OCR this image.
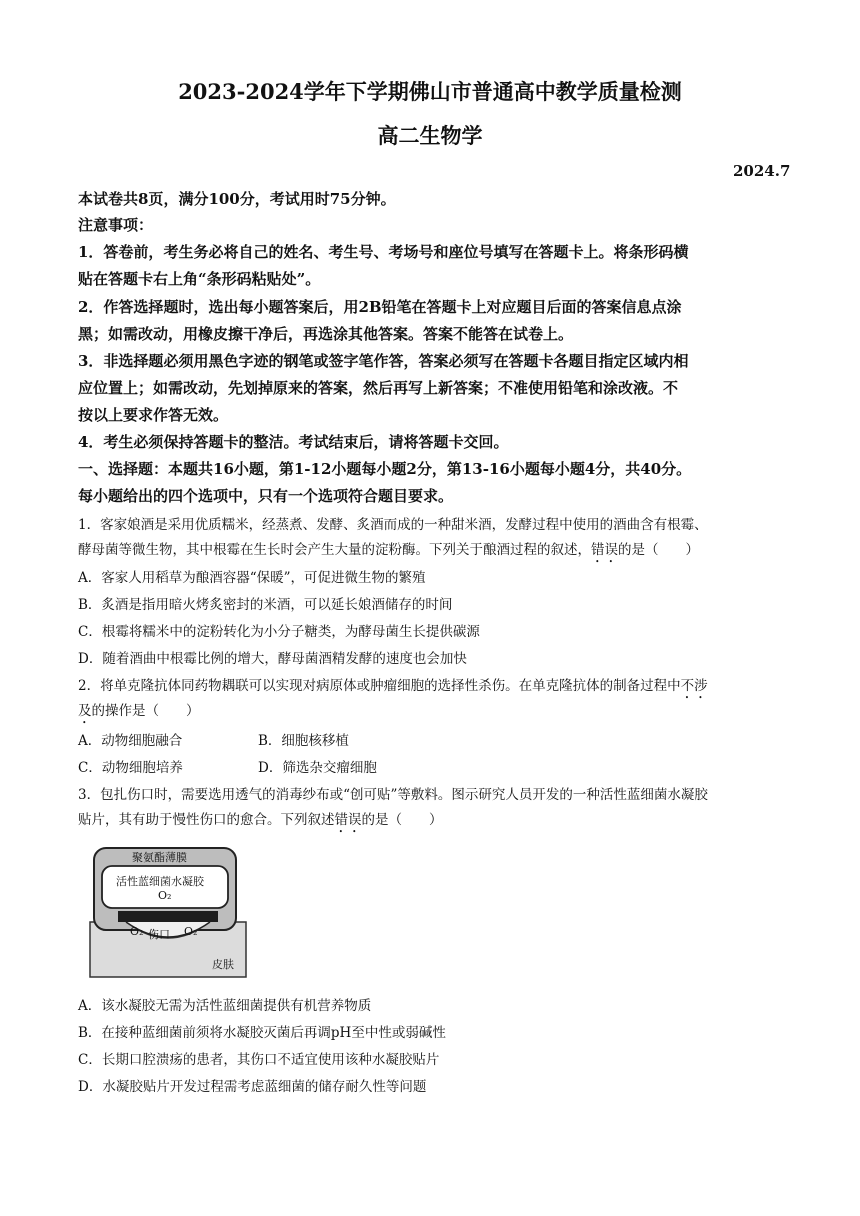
2023-2024学年下学期佛山市普通高中教学质量检测
高二生物学
2024.7
本试卷共8页，满分100分，考试用时75分钟。
注意事项：
1．答卷前，考生务必将自己的姓名、考生号、考场号和座位号填写在答题卡上。将条形码横
贴在答题卡右上角“条形码粘贴处”。
2．作答选择题时，选出每小题答案后，用2B铅笔在答题卡上对应题目后面的答案信息点涂
黑；如需改动，用橡皮擦干净后，再选涂其他答案。答案不能答在试卷上。
3．非选择题必须用黑色字迹的钢笔或签字笔作答，答案必须写在答题卡各题目指定区域内相
应位置上；如需改动，先划掉原来的答案，然后再写上新答案；不准使用铅笔和涂改液。不
按以上要求作答无效。
4．考生必须保持答题卡的整洁。考试结束后，请将答题卡交回。
一、选择题：本题共16小题，第1-12小题每小题2分，第13-16小题每小题4分，共40分。
每小题给出的四个选项中，只有一个选项符合题目要求。
1．客家娘酒是采用优质糯米，经蒸煮、发酵、炙酒而成的一种甜米酒，发酵过程中使用的酒曲含有根霉、
酵母菌等微生物，其中根霉在生长时会产生大量的淀粉酶。下列关于酿酒过程的叙述，错误的是（　　）
A．客家人用稻草为酿酒容器“保暖”，可促进微生物的繁殖
B．炙酒是指用暗火烤炙密封的米酒，可以延长娘酒储存的时间
C．根霉将糯米中的淀粉转化为小分子糖类，为酵母菌生长提供碳源
D．随着酒曲中根霉比例的增大，酵母菌酒精发酵的速度也会加快
2．将单克隆抗体同药物耦联可以实现对病原体或肿瘤细胞的选择性杀伤。在单克隆抗体的制备过程中不涉
及的操作是（　　）
A．动物细胞融合	B．细胞核移植
C．动物细胞培养	D．筛选杂交瘤细胞
3．包扎伤口时，需要选用透气的消毒纱布或“创可贴”等敷料。图示研究人员开发的一种活性蓝细菌水凝胶
贴片，其有助于慢性伤口的愈合。下列叙述错误的是（　　）
聚氨酯薄膜
活性蓝细菌水凝胶
O₂
O₂ 伤口 O₂
皮肤
A．该水凝胶无需为活性蓝细菌提供有机营养物质
B．在接种蓝细菌前须将水凝胶灭菌后再调pH至中性或弱碱性
C．长期口腔溃疡的患者，其伤口不适宜使用该种水凝胶贴片
D．水凝胶贴片开发过程需考虑蓝细菌的储存耐久性等问题
